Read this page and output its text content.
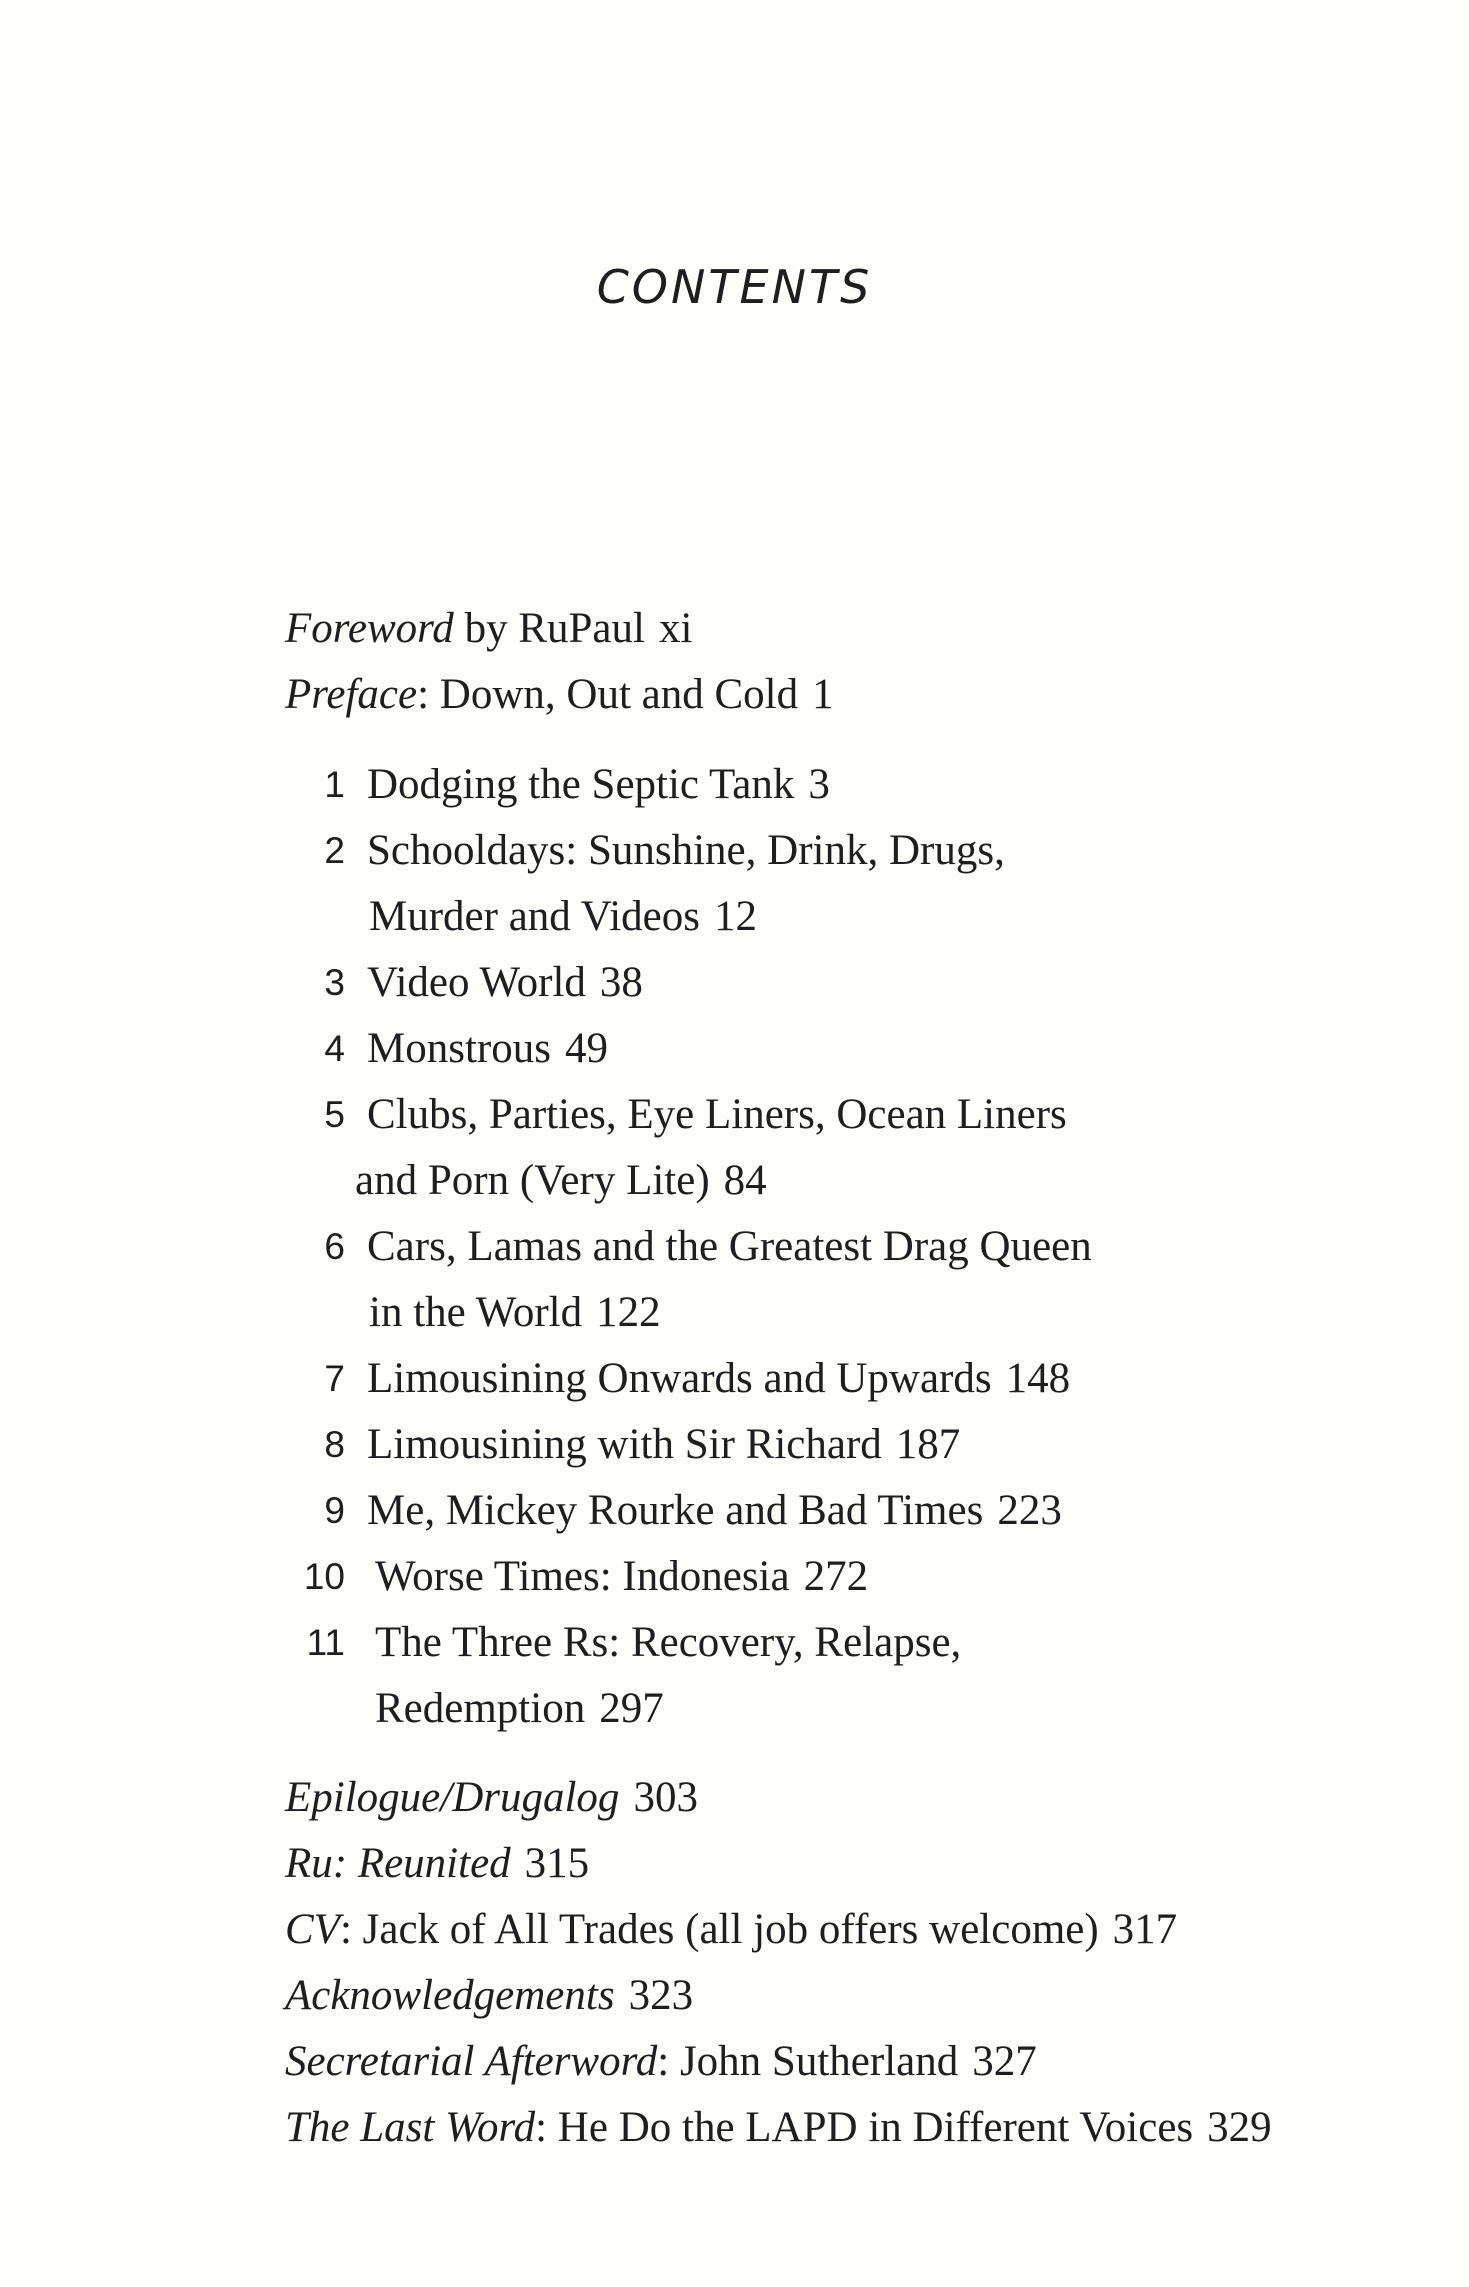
CONTENTS
Foreword by RuPaul xi
Preface: Down, Out and Cold 1
1 Dodging the Septic Tank 3
2 Schooldays: Sunshine, Drink, Drugs,
Murder and Videos 12
3 Video World 38
4 Monstrous 49
5 Clubs, Parties, Eye Liners, Ocean Liners
and Porn (Very Lite) 84
6 Cars, Lamas and the Greatest Drag Queen
in the World 122
7 Limousining Onwards and Upwards 148
8 Limousining with Sir Richard 187
9 Me, Mickey Rourke and Bad Times 223
10 Worse Times: Indonesia 272
11 The Three Rs: Recovery, Relapse,
Redemption 297
Epilogue/Drugalog 303
Ru: Reunited 315
CV: Jack of All Trades (all job offers welcome) 317
Acknowledgements 323
Secretarial Afterword: John Sutherland 327
The Last Word: He Do the LAPD in Different Voices 329
